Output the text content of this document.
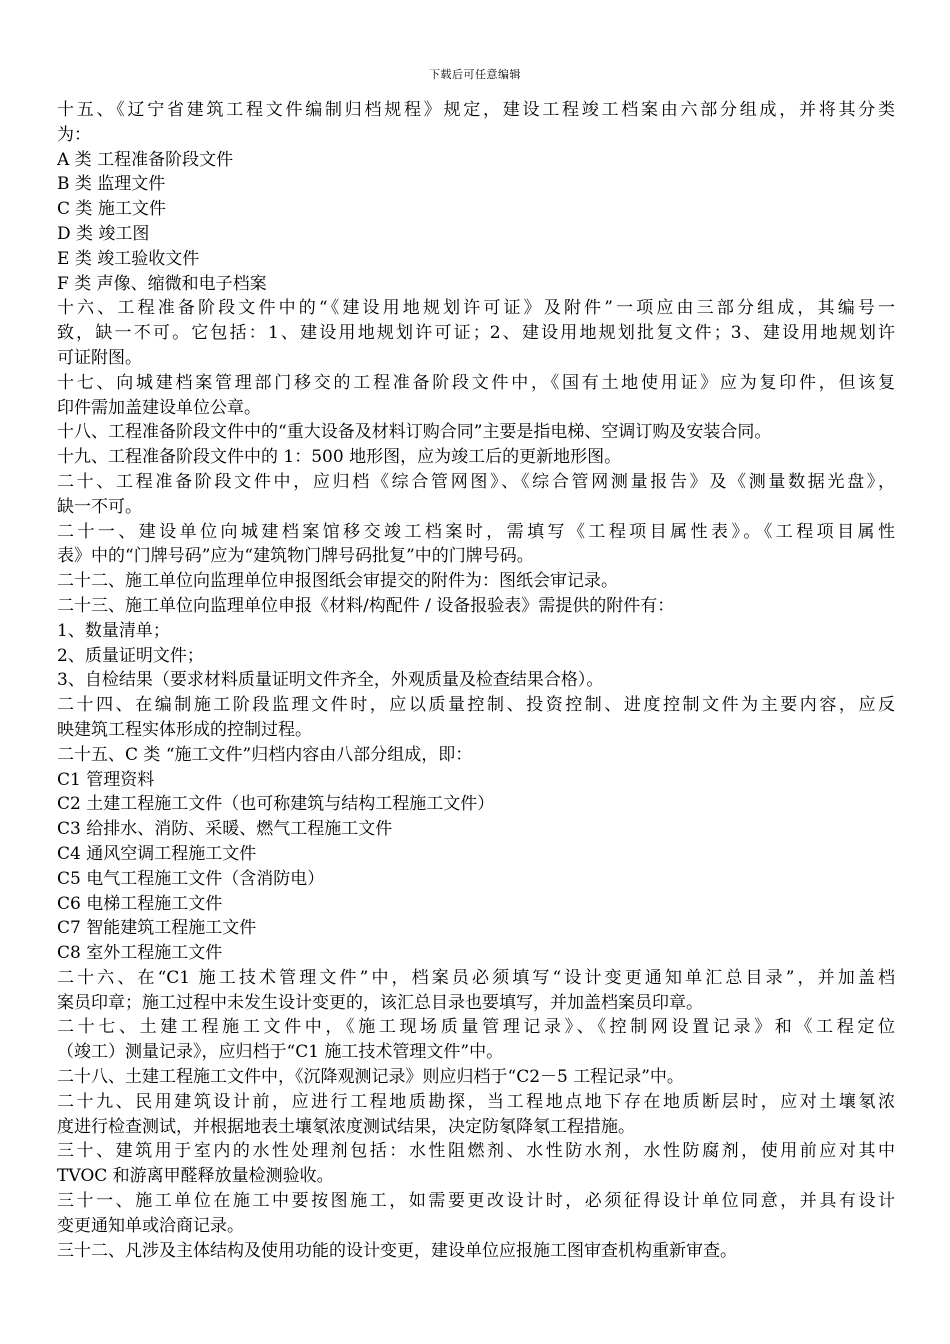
下载后可任意编辑
十五、《辽宁省建筑工程文件编制归档规程》规定，建设工程竣工档案由六部分组成，并将其分类
为：
A 类 工程准备阶段文件
B 类 监理文件
C 类 施工文件
D 类 竣工图
E 类 竣工验收文件
F 类 声像、缩微和电子档案
十六、工程准备阶段文件中的“《建设用地规划许可证》及附件”一项应由三部分组成，其编号一
致，缺一不可。它包括：1、建设用地规划许可证；2、建设用地规划批复文件；3、建设用地规划许
可证附图。
十七、向城建档案管理部门移交的工程准备阶段文件中，《国有土地使用证》应为复印件，但该复
印件需加盖建设单位公章。
十八、工程准备阶段文件中的“重大设备及材料订购合同”主要是指电梯、空调订购及安装合同。
十九、工程准备阶段文件中的 1：500 地形图，应为竣工后的更新地形图。
二十、工程准备阶段文件中，应归档《综合管网图》、《综合管网测量报告》及《测量数据光盘》，
缺一不可。
二十一、建设单位向城建档案馆移交竣工档案时，需填写《工程项目属性表》。《工程项目属性
表》中的“门牌号码”应为“建筑物门牌号码批复”中的门牌号码。
二十二、施工单位向监理单位申报图纸会审提交的附件为：图纸会审记录。
二十三、施工单位向监理单位申报《材料/构配件 / 设备报验表》需提供的附件有：
1、数量清单；
2、质量证明文件；
3、自检结果（要求材料质量证明文件齐全，外观质量及检查结果合格）。
二十四、在编制施工阶段监理文件时，应以质量控制、投资控制、进度控制文件为主要内容，应反
映建筑工程实体形成的控制过程。
二十五、C 类 “施工文件”归档内容由八部分组成，即：
C1 管理资料
C2 土建工程施工文件（也可称建筑与结构工程施工文件）
C3 给排水、消防、采暖、燃气工程施工文件
C4 通风空调工程施工文件
C5 电气工程施工文件（含消防电）
C6 电梯工程施工文件
C7 智能建筑工程施工文件
C8 室外工程施工文件
二十六、在“C1 施工技术管理文件”中，档案员必须填写“设计变更通知单汇总目录”，并加盖档
案员印章；施工过程中未发生设计变更的，该汇总目录也要填写，并加盖档案员印章。
二十七、土建工程施工文件中，《施工现场质量管理记录》、《控制网设置记录》和《工程定位
（竣工）测量记录》，应归档于“C1 施工技术管理文件”中。
二十八、土建工程施工文件中，《沉降观测记录》则应归档于“C2－5 工程记录”中。
二十九、民用建筑设计前，应进行工程地质勘探，当工程地点地下存在地质断层时，应对土壤氡浓
度进行检查测试，并根据地表土壤氡浓度测试结果，决定防氡降氡工程措施。
三十、建筑用于室内的水性处理剂包括：水性阻燃剂、水性防水剂，水性防腐剂，使用前应对其中
TVOC 和游离甲醛释放量检测验收。
三十一、施工单位在施工中要按图施工，如需要更改设计时，必须征得设计单位同意，并具有设计
变更通知单或洽商记录。
三十二、凡涉及主体结构及使用功能的设计变更，建设单位应报施工图审查机构重新审查。
